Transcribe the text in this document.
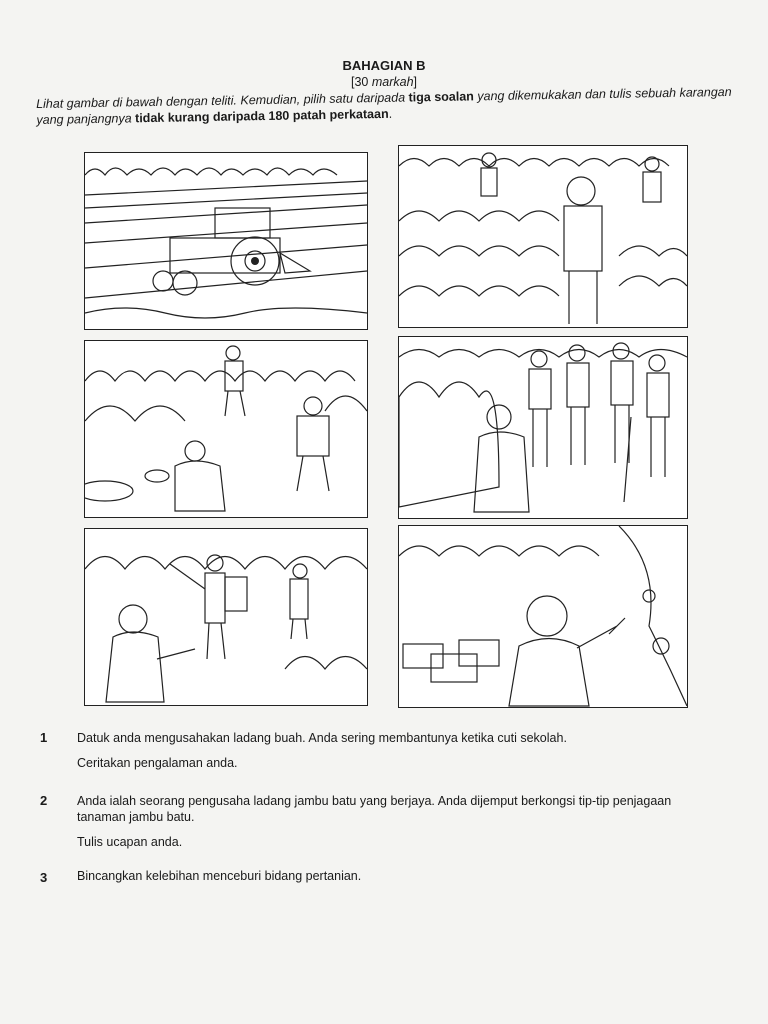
BAHAGIAN B
[30 markah]
Lihat gambar di bawah dengan teliti. Kemudian, pilih satu daripada tiga soalan yang dikemukakan dan tulis sebuah karangan yang panjangnya tidak kurang daripada 180 patah perkataan.
1 Datuk anda mengusahakan ladang buah. Anda sering membantunya ketika cuti sekolah.
Ceritakan pengalaman anda.
2 Anda ialah seorang pengusaha ladang jambu batu yang berjaya. Anda dijemput berkongsi tip-tip penjagaan tanaman jambu batu.
Tulis ucapan anda.
3 Bincangkan kelebihan menceburi bidang pertanian.
